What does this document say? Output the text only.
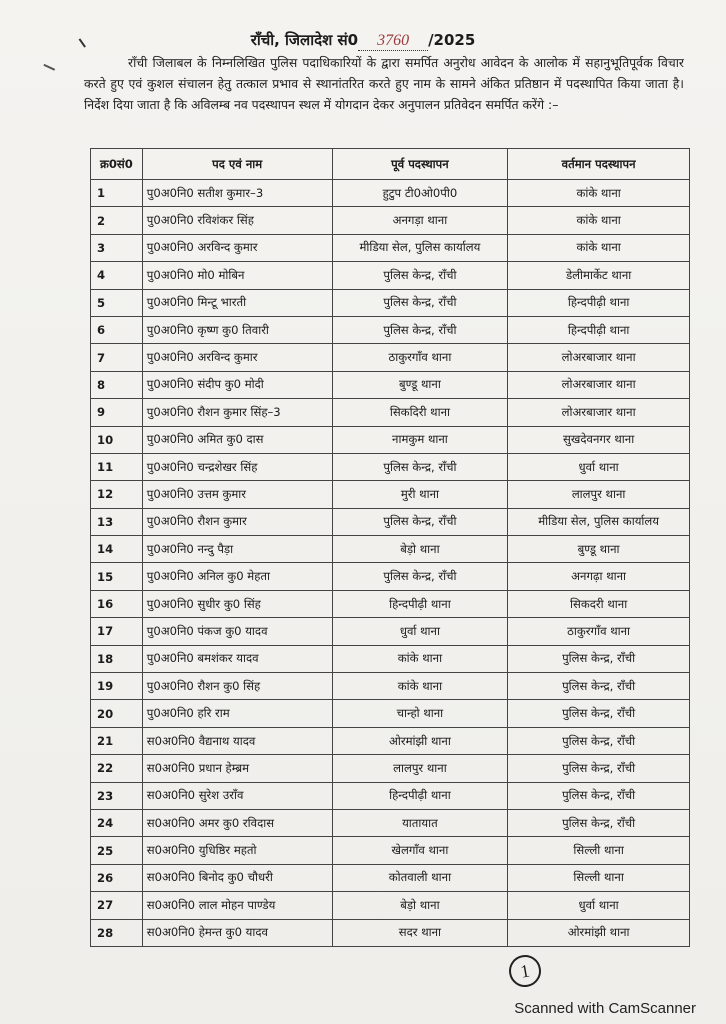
राँची, जिलादेश सं0 3760 /2025
राँची जिलाबल के निम्नलिखित पुलिस पदाधिकारियों के द्वारा समर्पित अनुरोध आवेदन के आलोक में सहानुभूतिपूर्वक विचार करते हुए एवं कुशल संचालन हेतु तत्काल प्रभाव से स्थानांतरित करते हुए नाम के सामने अंकित प्रतिष्ठान में पदस्थापित किया जाता है। निर्देश दिया जाता है कि अविलम्ब नव पदस्थापन स्थल में योगदान देकर अनुपालन प्रतिवेदन समर्पित करेंगे :–
क्र0सं0	पद एवं नाम	पूर्व पदस्थापन	वर्तमान पदस्थापन
1	पु0अ0नि0 सतीश कुमार–3	हुटुप टी0ओ0पी0	कांके थाना
2	पु0अ0नि0 रविशंकर सिंह	अनगड़ा थाना	कांके थाना
3	पु0अ0नि0 अरविन्द कुमार	मीडिया सेल, पुलिस कार्यालय	कांके थाना
4	पु0अ0नि0 मो0 मोबिन	पुलिस केन्द्र, राँची	डेलीमार्केट थाना
5	पु0अ0नि0 मिन्टू भारती	पुलिस केन्द्र, राँची	हिन्दपीढ़ी थाना
6	पु0अ0नि0 कृष्ण कु0 तिवारी	पुलिस केन्द्र, राँची	हिन्दपीढ़ी थाना
7	पु0अ0नि0 अरविन्द कुमार	ठाकुरगाँव थाना	लोअरबाजार थाना
8	पु0अ0नि0 संदीप कु0 मोदी	बुण्डू थाना	लोअरबाजार थाना
9	पु0अ0नि0 रौशन कुमार सिंह–3	सिकदिरी थाना	लोअरबाजार थाना
10	पु0अ0नि0 अमित कु0 दास	नामकुम थाना	सुखदेवनगर थाना
11	पु0अ0नि0 चन्द्रशेखर सिंह	पुलिस केन्द्र, राँची	धुर्वा थाना
12	पु0अ0नि0 उत्तम कुमार	मुरी थाना	लालपुर थाना
13	पु0अ0नि0 रौशन कुमार	पुलिस केन्द्र, राँची	मीडिया सेल, पुलिस कार्यालय
14	पु0अ0नि0 नन्दु पैड़ा	बेड़ो थाना	बुण्डू थाना
15	पु0अ0नि0 अनिल कु0 मेहता	पुलिस केन्द्र, राँची	अनगढ़ा थाना
16	पु0अ0नि0 सुधीर कु0 सिंह	हिन्दपीढ़ी थाना	सिकदरी थाना
17	पु0अ0नि0 पंकज कु0 यादव	धुर्वा थाना	ठाकुरगाँव थाना
18	पु0अ0नि0 बमशंकर यादव	कांके थाना	पुलिस केन्द्र, राँची
19	पु0अ0नि0 रौशन कु0 सिंह	कांके थाना	पुलिस केन्द्र, राँची
20	पु0अ0नि0 हरि राम	चान्हो थाना	पुलिस केन्द्र, राँची
21	स0अ0नि0 वैद्यनाथ यादव	ओरमांझी थाना	पुलिस केन्द्र, राँची
22	स0अ0नि0 प्रधान हेम्ब्रम	लालपुर थाना	पुलिस केन्द्र, राँची
23	स0अ0नि0 सुरेश उराँव	हिन्दपीढ़ी थाना	पुलिस केन्द्र, राँची
24	स0अ0नि0 अमर कु0 रविदास	यातायात	पुलिस केन्द्र, राँची
25	स0अ0नि0 युधिष्ठिर महतो	खेलगाँव थाना	सिल्ली थाना
26	स0अ0नि0 बिनोद कु0 चौधरी	कोतवाली थाना	सिल्ली थाना
27	स0अ0नि0 लाल मोहन पाण्डेय	बेड़ो थाना	धुर्वा थाना
28	स0अ0नि0 हेमन्त कु0 यादव	सदर थाना	ओरमांझी थाना
1
Scanned with CamScanner
